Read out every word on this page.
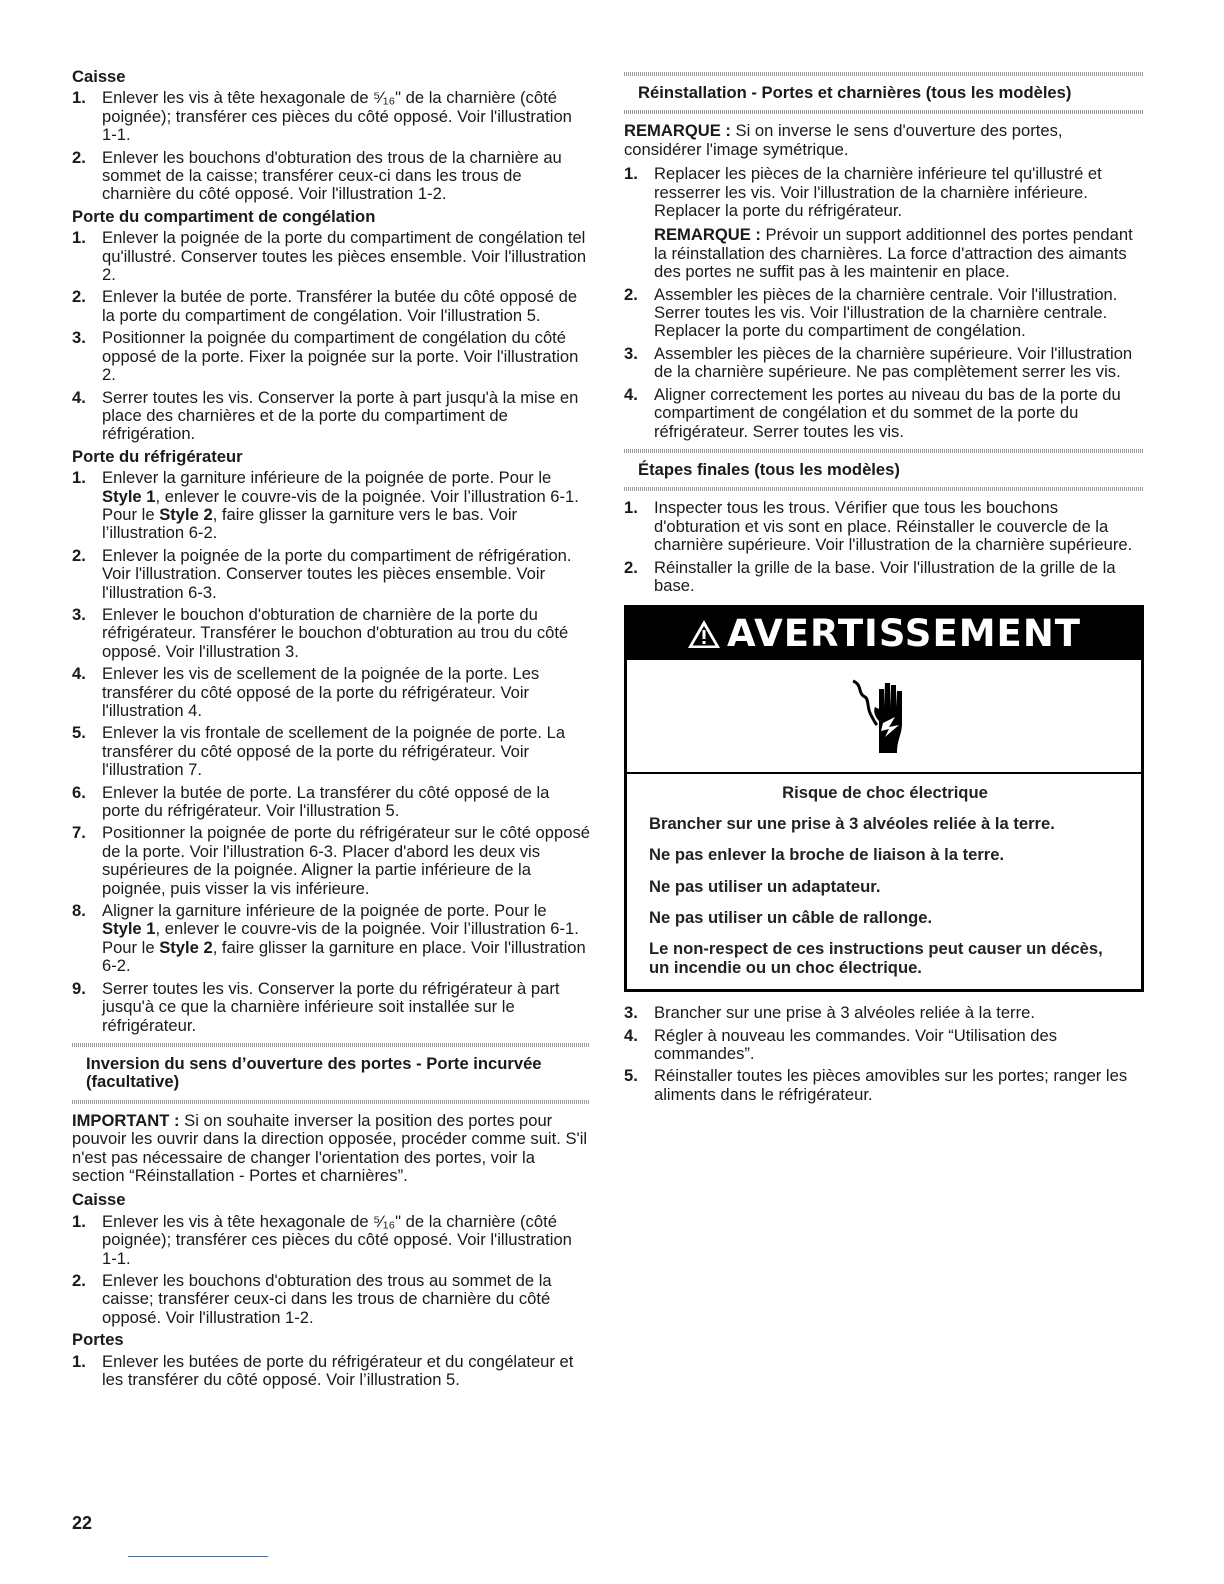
Caisse
1. Enlever les vis à tête hexagonale de ⁵⁄₁₆" de la charnière (côté poignée); transférer ces pièces du côté opposé. Voir l'illustration 1-1.
2. Enlever les bouchons d'obturation des trous de la charnière au sommet de la caisse; transférer ceux-ci dans les trous de charnière du côté opposé. Voir l'illustration 1-2.
Porte du compartiment de congélation
1. Enlever la poignée de la porte du compartiment de congélation tel qu'illustré. Conserver toutes les pièces ensemble. Voir l'illustration 2.
2. Enlever la butée de porte. Transférer la butée du côté opposé de la porte du compartiment de congélation. Voir l'illustration 5.
3. Positionner la poignée du compartiment de congélation du côté opposé de la porte. Fixer la poignée sur la porte. Voir l'illustration 2.
4. Serrer toutes les vis. Conserver la porte à part jusqu'à la mise en place des charnières et de la porte du compartiment de réfrigération.
Porte du réfrigérateur
1. Enlever la garniture inférieure de la poignée de porte. Pour le Style 1, enlever le couvre-vis de la poignée. Voir l’illustration 6-1. Pour le Style 2, faire glisser la garniture vers le bas. Voir l’illustration 6-2.
2. Enlever la poignée de la porte du compartiment de réfrigération. Voir l'illustration. Conserver toutes les pièces ensemble. Voir l'illustration 6-3.
3. Enlever le bouchon d'obturation de charnière de la porte du réfrigérateur. Transférer le bouchon d'obturation au trou du côté opposé. Voir l'illustration 3.
4. Enlever les vis de scellement de la poignée de la porte. Les transférer du côté opposé de la porte du réfrigérateur. Voir l'illustration 4.
5. Enlever la vis frontale de scellement de la poignée de porte. La transférer du côté opposé de la porte du réfrigérateur. Voir l'illustration 7.
6. Enlever la butée de porte. La transférer du côté opposé de la porte du réfrigérateur. Voir l'illustration 5.
7. Positionner la poignée de porte du réfrigérateur sur le côté opposé de la porte. Voir l'illustration 6-3. Placer d'abord les deux vis supérieures de la poignée. Aligner la partie inférieure de la poignée, puis visser la vis inférieure.
8. Aligner la garniture inférieure de la poignée de porte. Pour le Style 1, enlever le couvre-vis de la poignée. Voir l’illustration 6-1. Pour le Style 2, faire glisser la garniture en place. Voir l'illustration 6-2.
9. Serrer toutes les vis. Conserver la porte du réfrigérateur à part jusqu'à ce que la charnière inférieure soit installée sur le réfrigérateur.
Inversion du sens d’ouverture des portes - Porte incurvée (facultative)

IMPORTANT : Si on souhaite inverser la position des portes pour pouvoir les ouvrir dans la direction opposée, procéder comme suit. S'il n'est pas nécessaire de changer l'orientation des portes, voir la section “Réinstallation - Portes et charnières”.

Caisse
1. Enlever les vis à tête hexagonale de ⁵⁄₁₆" de la charnière (côté poignée); transférer ces pièces du côté opposé. Voir l'illustration 1-1.
2. Enlever les bouchons d'obturation des trous au sommet de la caisse; transférer ceux-ci dans les trous de charnière du côté opposé. Voir l'illustration 1-2.
Portes
1. Enlever les butées de porte du réfrigérateur et du congélateur et les transférer du côté opposé. Voir l’illustration 5.
Réinstallation - Portes et charnières (tous les modèles)

REMARQUE : Si on inverse le sens d'ouverture des portes, considérer l'image symétrique.

1. Replacer les pièces de la charnière inférieure tel qu'illustré et resserrer les vis. Voir l'illustration de la charnière inférieure. Replacer la porte du réfrigérateur.
REMARQUE : Prévoir un support additionnel des portes pendant la réinstallation des charnières. La force d'attraction des aimants des portes ne suffit pas à les maintenir en place.
2. Assembler les pièces de la charnière centrale. Voir l'illustration. Serrer toutes les vis. Voir l'illustration de la charnière centrale. Replacer la porte du compartiment de congélation.
3. Assembler les pièces de la charnière supérieure. Voir l'illustration de la charnière supérieure. Ne pas complètement serrer les vis.
4. Aligner correctement les portes au niveau du bas de la porte du compartiment de congélation et du sommet de la porte du réfrigérateur. Serrer toutes les vis.
Étapes finales (tous les modèles)
1. Inspecter tous les trous. Vérifier que tous les bouchons d'obturation et vis sont en place. Réinstaller le couvercle de la charnière supérieure. Voir l'illustration de la charnière supérieure.
2. Réinstaller la grille de la base. Voir l'illustration de la grille de la base.
AVERTISSEMENT
Risque de choc électrique

Brancher sur une prise à 3 alvéoles reliée à la terre.

Ne pas enlever la broche de liaison à la terre.

Ne pas utiliser un adaptateur.

Ne pas utiliser un câble de rallonge.

Le non-respect de ces instructions peut causer un décès, un incendie ou un choc électrique.

3. Brancher sur une prise à 3 alvéoles reliée à la terre.
4. Régler à nouveau les commandes. Voir “Utilisation des commandes”.
5. Réinstaller toutes les pièces amovibles sur les portes; ranger les aliments dans le réfrigérateur.
22
